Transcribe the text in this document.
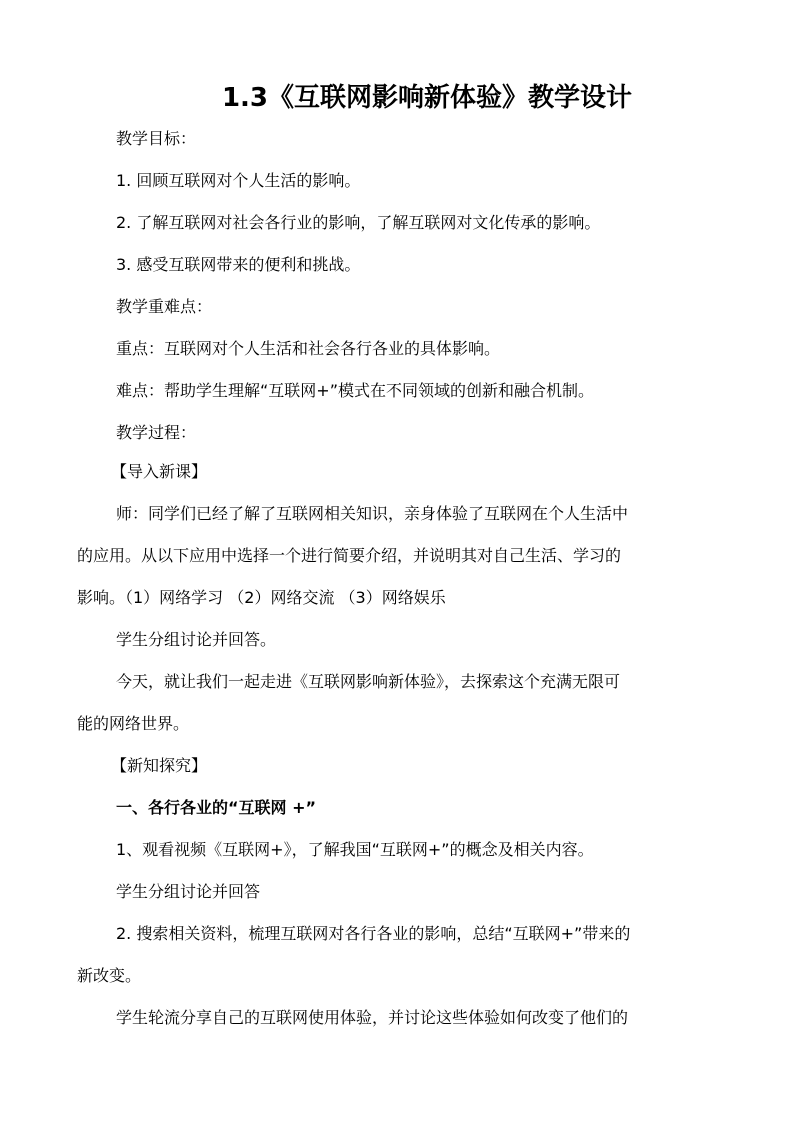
1.3《互联网影响新体验》教学设计
教学目标：
1. 回顾互联网对个人生活的影响。
2. 了解互联网对社会各行业的影响，了解互联网对文化传承的影响。
3. 感受互联网带来的便利和挑战。
教学重难点：
重点：互联网对个人生活和社会各行各业的具体影响。
难点：帮助学生理解“互联网+”模式在不同领域的创新和融合机制。
教学过程：
【导入新课】
师：同学们已经了解了互联网相关知识，亲身体验了互联网在个人生活中
的应用。从以下应用中选择一个进行简要介绍，并说明其对自己生活、学习的
影响。（1）网络学习 （2）网络交流 （3）网络娱乐
学生分组讨论并回答。
今天，就让我们一起走进《互联网影响新体验》，去探索这个充满无限可
能的网络世界。
【新知探究】
一、各行各业的“互联网 +”
1、观看视频《互联网+》，了解我国“互联网+”的概念及相关内容。
学生分组讨论并回答
2. 搜索相关资料，梳理互联网对各行各业的影响，总结“互联网+”带来的
新改变。
学生轮流分享自己的互联网使用体验，并讨论这些体验如何改变了他们的
